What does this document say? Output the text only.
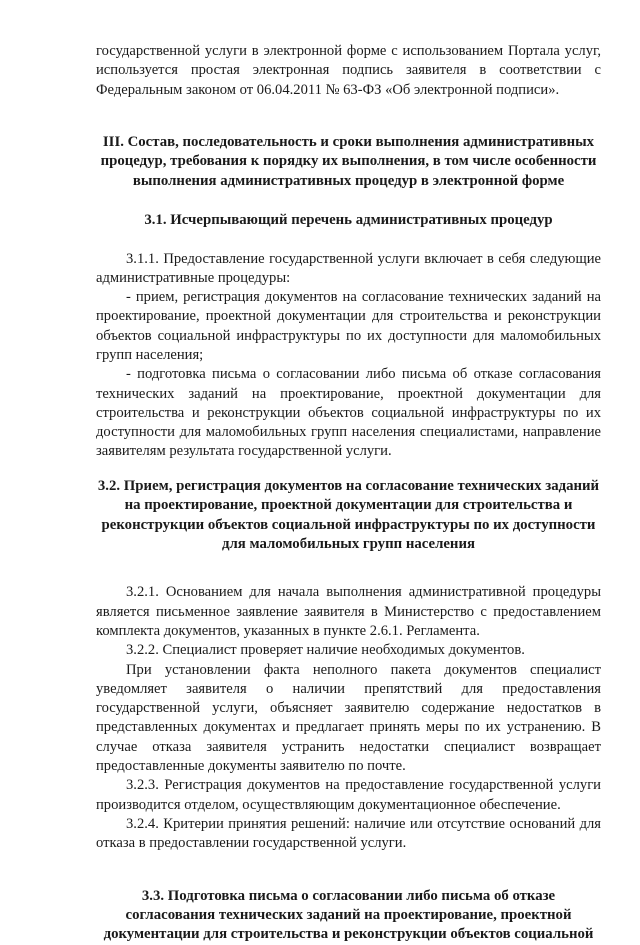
государственной услуги в электронной форме с использованием Портала услуг, используется простая электронная подпись заявителя в соответствии с Федеральным законом от 06.04.2011 № 63-ФЗ «Об электронной подписи».

III. Состав, последовательность и сроки выполнения административных процедур, требования к порядку их выполнения, в том числе особенности выполнения административных процедур в электронной форме

3.1. Исчерпывающий перечень административных процедур

3.1.1. Предоставление государственной услуги включает в себя следующие административные процедуры:

- прием, регистрация документов на согласование технических заданий на проектирование, проектной документации для строительства и реконструкции объектов социальной инфраструктуры по их доступности для маломобильных групп населения;

- подготовка письма о согласовании либо письма об отказе согласования технических заданий на проектирование, проектной документации для строительства и реконструкции объектов социальной инфраструктуры по их доступности для маломобильных групп населения специалистами, направление заявителям результата государственной услуги.

3.2. Прием, регистрация документов на согласование технических заданий на проектирование, проектной документации для строительства и реконструкции объектов социальной инфраструктуры по их доступности для маломобильных групп населения

3.2.1. Основанием для начала выполнения административной процедуры является письменное заявление заявителя в Министерство с предоставлением комплекта документов, указанных в пункте 2.6.1. Регламента.

3.2.2. Специалист проверяет наличие необходимых документов.

При установлении факта неполного пакета документов специалист уведомляет заявителя о наличии препятствий для предоставления государственной услуги, объясняет заявителю содержание недостатков в представленных документах и предлагает принять меры по их устранению. В случае отказа заявителя устранить недостатки специалист возвращает предоставленные документы заявителю по почте.

3.2.3. Регистрация документов на предоставление государственной услуги производится отделом, осуществляющим документационное обеспечение.

3.2.4. Критерии принятия решений: наличие или отсутствие оснований для отказа в предоставлении государственной услуги.

3.3. Подготовка письма о согласовании либо письма об отказе согласования технических заданий на проектирование, проектной документации для строительства и реконструкции объектов социальной
